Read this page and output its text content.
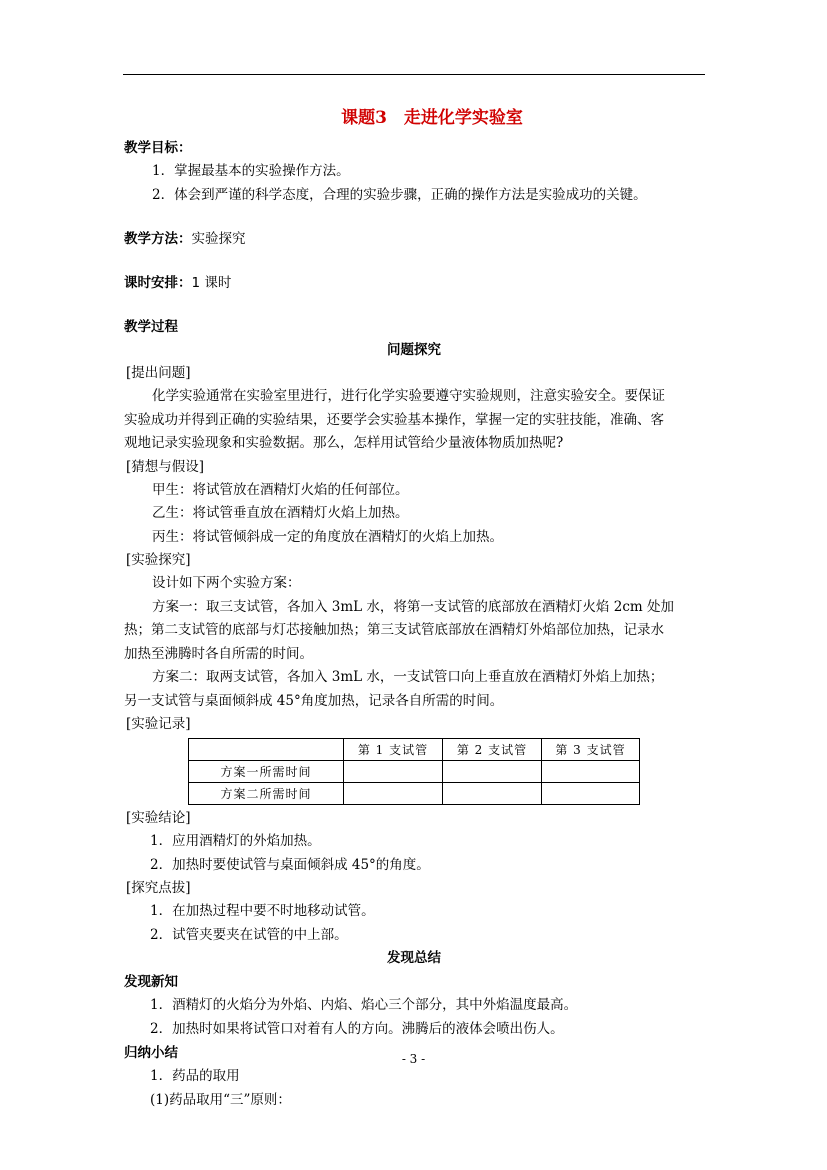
课题3　走进化学实验室
教学目标：
1．掌握最基本的实验操作方法。
2．体会到严谨的科学态度，合理的实验步骤，正确的操作方法是实验成功的关键。
教学方法：实验探究
课时安排：1 课时
教学过程
问题探究
[提出问题]
化学实验通常在实验室里进行，进行化学实验要遵守实验规则，注意实验安全。要保证
实验成功并得到正确的实验结果，还要学会实验基本操作，掌握一定的实驻技能，准确、客
观地记录实验现象和实验数据。那么，怎样用试管给少量液体物质加热呢?
[猜想与假设]
甲生：将试管放在酒精灯火焰的任何部位。
乙生：将试管垂直放在酒精灯火焰上加热。
丙生：将试管倾斜成一定的角度放在酒精灯的火焰上加热。
[实验探究]
设计如下两个实验方案：
方案一：取三支试管，各加入 3mL 水，将第一支试管的底部放在酒精灯火焰 2cm 处加
热；第二支试管的底部与灯芯接触加热；第三支试管底部放在酒精灯外焰部位加热，记录水
加热至沸腾时各自所需的时间。
方案二：取两支试管，各加入 3mL 水，一支试管口向上垂直放在酒精灯外焰上加热；
另一支试管与桌面倾斜成 45°角度加热，记录各自所需的时间。
[实验记录]
	第 1 支试管	第 2 支试管	第 3 支试管
方案一所需时间			
方案二所需时间			
[实验结论]
1．应用酒精灯的外焰加热。
2．加热时要使试管与桌面倾斜成 45°的角度。
[探究点拔]
1．在加热过程中要不时地移动试管。
2．试管夹要夹在试管的中上部。
发现总结
发现新知
1．酒精灯的火焰分为外焰、内焰、焰心三个部分，其中外焰温度最高。
2．加热时如果将试管口对着有人的方向。沸腾后的液体会喷出伤人。
归纳小结
1．药品的取用
(1)药品取用“三”原则：
- 3 -
